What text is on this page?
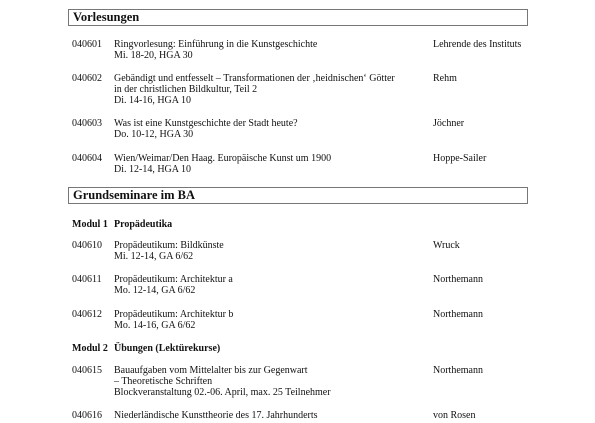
Vorlesungen
040601 Ringvorlesung: Einführung in die Kunstgeschichte
Mi. 18-20, HGA 30
Lehrende des Instituts
040602 Gebändigt und entfesselt – Transformationen der ‚heidnischen‘ Götter
in der christlichen Bildkultur, Teil 2
Di. 14-16, HGA 10
Rehm
040603 Was ist eine Kunstgeschichte der Stadt heute?
Do. 10-12, HGA 30
Jöchner
040604 Wien/Weimar/Den Haag. Europäische Kunst um 1900
Di. 12-14, HGA 10
Hoppe-Sailer
Grundseminare im BA
Modul 1 Propädeutika
040610 Propädeutikum: Bildkünste
Mi. 12-14, GA 6/62
Wruck
040611 Propädeutikum: Architektur a
Mo. 12-14, GA 6/62
Northemann
040612 Propädeutikum: Architektur b
Mo. 14-16, GA 6/62
Northemann
Modul 2 Übungen (Lektürekurse)
040615 Bauaufgaben vom Mittelalter bis zur Gegenwart
– Theoretische Schriften
Blockveranstaltung 02.-06. April, max. 25 Teilnehmer
Northemann
040616 Niederländische Kunsttheorie des 17. Jahrhunderts	von Rosen
